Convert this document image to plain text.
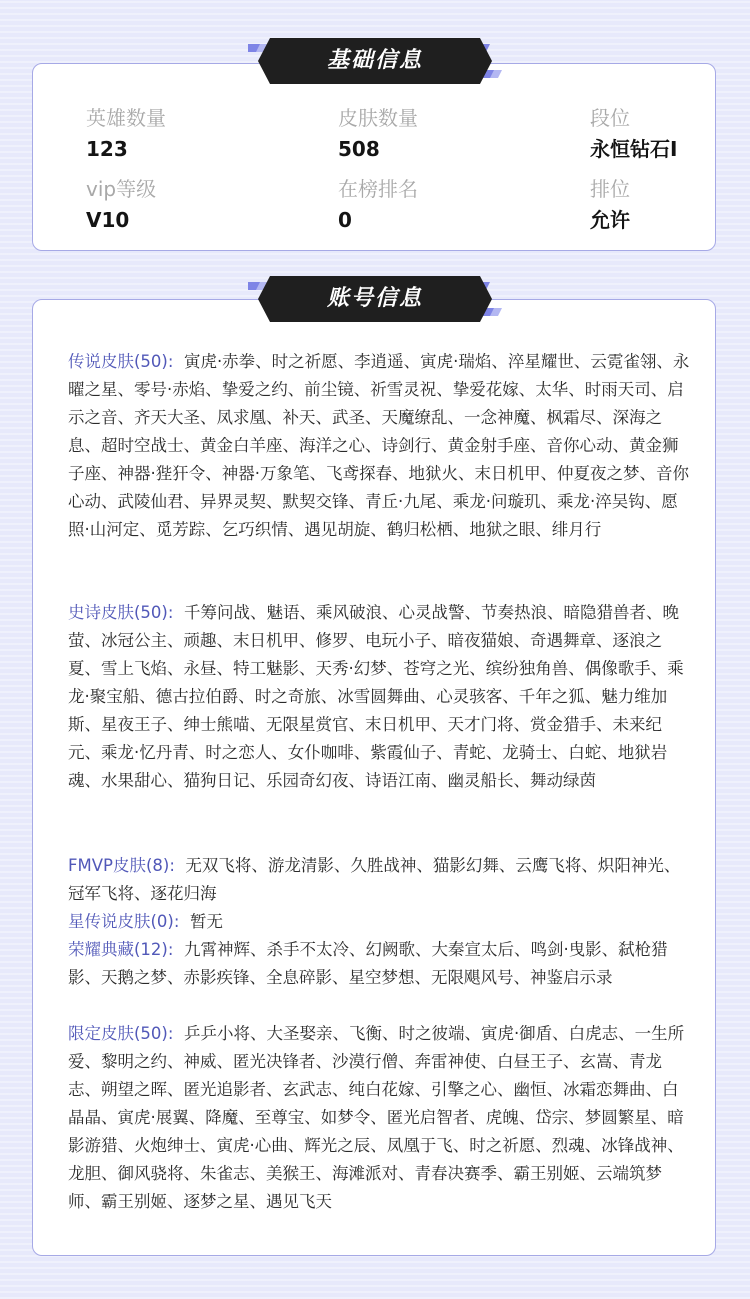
基础信息
英雄数量
123
皮肤数量
508
段位
永恒钻石I
vip等级
V10
在榜排名
0
排位
允许
账号信息
传说皮肤(50): 寅虎·赤拳、时之祈愿、李逍遥、寅虎·瑞焰、淬星耀世、云霓雀翎、永曜之星、零号·赤焰、挚爱之约、前尘镜、祈雪灵祝、挚爱花嫁、太华、时雨天司、启示之音、齐天大圣、凤求凰、补天、武圣、天魔缭乱、一念神魔、枫霜尽、深海之息、超时空战士、黄金白羊座、海洋之心、诗剑行、黄金射手座、音你心动、黄金狮子座、神器·狴犴令、神器·万象笔、飞鸢探春、地狱火、末日机甲、仲夏夜之梦、音你心动、武陵仙君、异界灵契、默契交锋、青丘·九尾、乘龙·问璇玑、乘龙·淬吴钩、愿照·山河定、觅芳踪、乞巧织情、遇见胡旋、鹤归松栖、地狱之眼、绯月行
史诗皮肤(50): 千筹问战、魅语、乘风破浪、心灵战警、节奏热浪、暗隐猎兽者、晚萤、冰冠公主、顽趣、末日机甲、修罗、电玩小子、暗夜猫娘、奇遇舞章、逐浪之夏、雪上飞焰、永昼、特工魅影、天秀·幻梦、苍穹之光、缤纷独角兽、偶像歌手、乘龙·聚宝船、德古拉伯爵、时之奇旅、冰雪圆舞曲、心灵骇客、千年之狐、魅力维加斯、星夜王子、绅士熊喵、无限星赏官、末日机甲、天才门将、赏金猎手、未来纪元、乘龙·忆丹青、时之恋人、女仆咖啡、紫霞仙子、青蛇、龙骑士、白蛇、地狱岩魂、水果甜心、猫狗日记、乐园奇幻夜、诗语江南、幽灵船长、舞动绿茵
FMVP皮肤(8): 无双飞将、游龙清影、久胜战神、猫影幻舞、云鹰飞将、炽阳神光、冠军飞将、逐花归海
星传说皮肤(0): 暂无
荣耀典藏(12): 九霄神辉、杀手不太冷、幻阙歌、大秦宣太后、鸣剑·曳影、弑枪猎影、天鹅之梦、赤影疾锋、全息碎影、星空梦想、无限飓风号、神鉴启示录
限定皮肤(50): 乒乒小将、大圣娶亲、飞衡、时之彼端、寅虎·御盾、白虎志、一生所爱、黎明之约、神威、匿光决锋者、沙漠行僧、奔雷神使、白昼王子、玄嵩、青龙志、朔望之晖、匿光追影者、玄武志、纯白花嫁、引擎之心、幽恒、冰霜恋舞曲、白晶晶、寅虎·展翼、降魔、至尊宝、如梦令、匿光启智者、虎魄、岱宗、梦圆繁星、暗影游猎、火炮绅士、寅虎·心曲、辉光之辰、凤凰于飞、时之祈愿、烈魂、冰锋战神、龙胆、御风骁将、朱雀志、美猴王、海滩派对、青春决赛季、霸王别姬、云端筑梦师、霸王别姬、逐梦之星、遇见飞天
